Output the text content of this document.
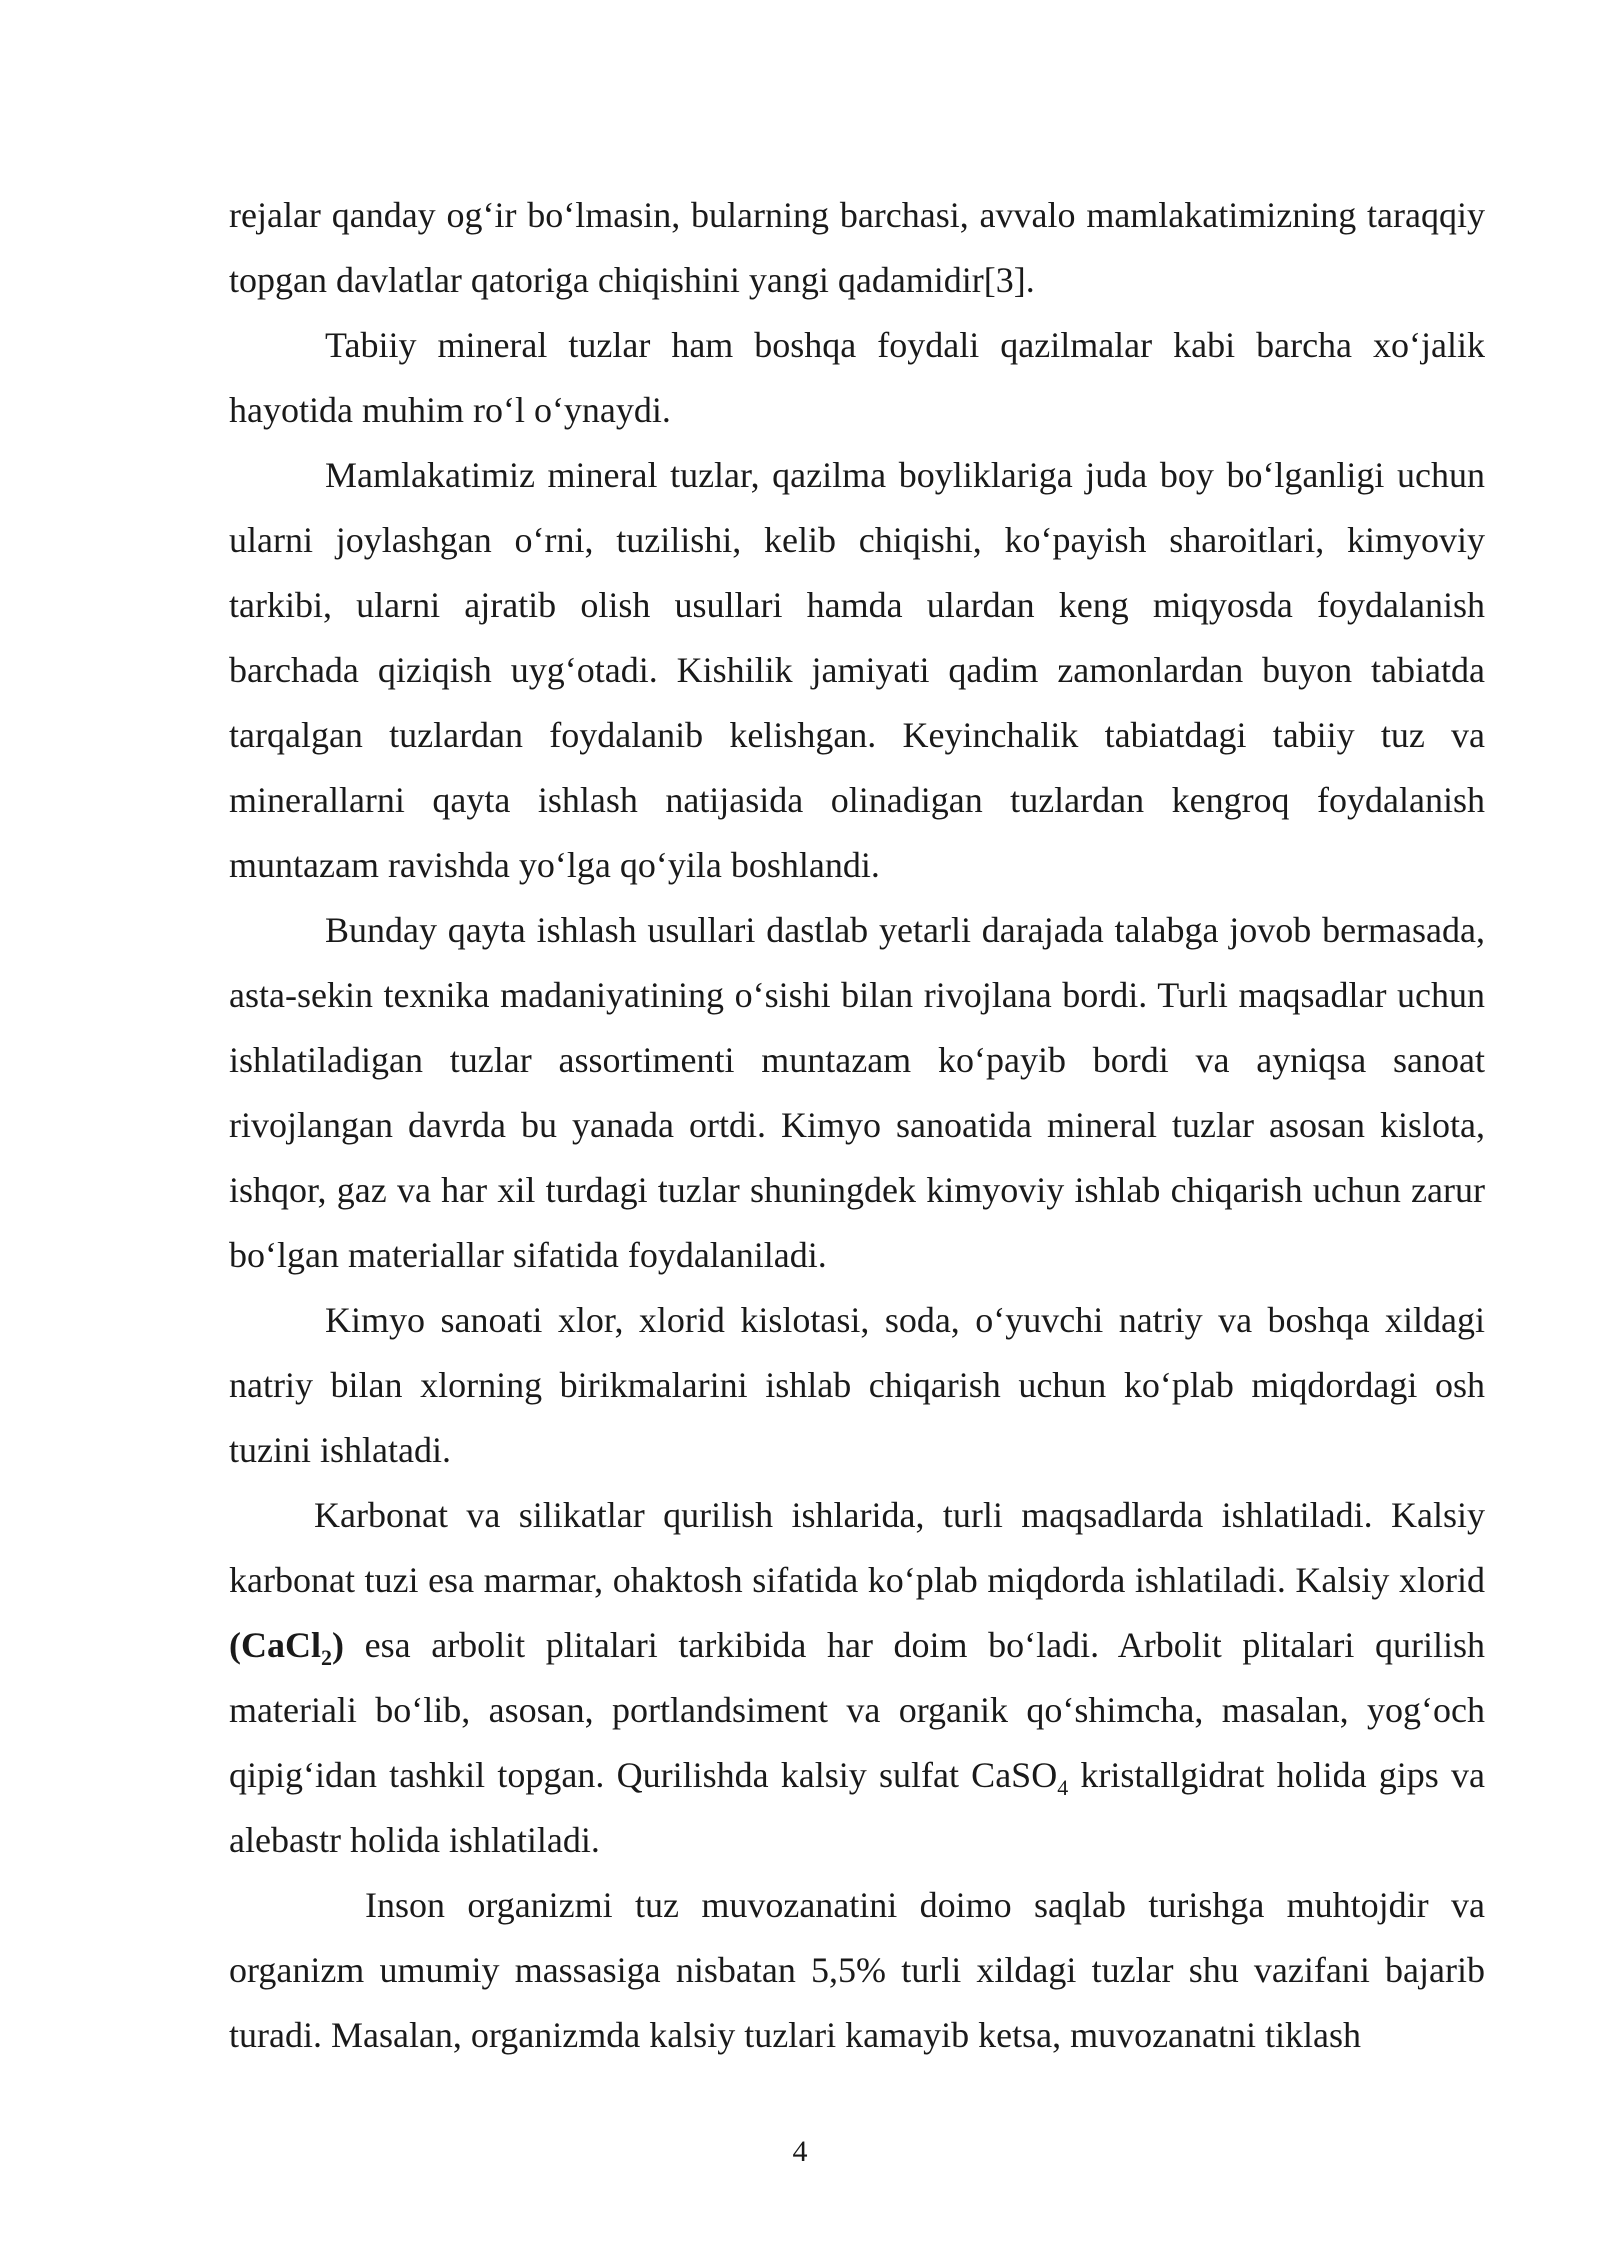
rejalar qanday og‘ir bo‘lmasin, bularning barchasi, avvalo mamlakatimizning taraqqiy topgan davlatlar qatoriga chiqishini yangi qadamidir[3].

Tabiiy mineral tuzlar ham boshqa foydali qazilmalar kabi barcha xo‘jalik hayotida muhim ro‘l o‘ynaydi.

Mamlakatimiz mineral tuzlar, qazilma boyliklariga juda boy bo‘lganligi uchun ularni joylashgan o‘rni, tuzilishi, kelib chiqishi, ko‘payish sharoitlari, kimyoviy tarkibi, ularni ajratib olish usullari hamda ulardan keng miqyosda foydalanish barchada qiziqish uyg‘otadi. Kishilik jamiyati qadim zamonlardan buyon tabiatda tarqalgan tuzlardan foydalanib kelishgan. Keyinchalik tabiatdagi tabiiy tuz va minerallarni qayta ishlash natijasida olinadigan tuzlardan kengroq foydalanish muntazam ravishda yo‘lga qo‘yila boshlandi.

Bunday qayta ishlash usullari dastlab yetarli darajada talabga jovob bermasada, asta-sekin texnika madaniyatining o‘sishi bilan rivojlana bordi. Turli maqsadlar uchun ishlatiladigan tuzlar assortimenti muntazam ko‘payib bordi va ayniqsa sanoat rivojlangan davrda bu yanada ortdi. Kimyo sanoatida mineral tuzlar asosan kislota, ishqor, gaz va har xil turdagi tuzlar shuningdek kimyoviy ishlab chiqarish uchun zarur bo‘lgan materiallar sifatida foydalaniladi.

Kimyo sanoati xlor, xlorid kislotasi, soda, o‘yuvchi natriy va boshqa xildagi natriy bilan xlorning birikmalarini ishlab chiqarish uchun ko‘plab miqdordagi osh tuzini ishlatadi.

Karbonat va silikatlar qurilish ishlarida, turli maqsadlarda ishlatiladi. Kalsiy karbonat tuzi esa marmar, ohaktosh sifatida ko‘plab miqdorda ishlatiladi. Kalsiy xlorid (CaCl$_2$) esa arbolit plitalari tarkibida har doim bo‘ladi. Arbolit plitalari qurilish materiali bo‘lib, asosan, portlandsiment va organik qo‘shimcha, masalan, yog‘och qipig‘idan tashkil topgan. Qurilishda kalsiy sulfat CaSO$_4$ kristallgidrat holida gips va alebastr holida ishlatiladi.

Inson organizmi tuz muvozanatini doimo saqlab turishga muhtojdir va organizm umumiy massasiga nisbatan 5,5% turli xildagi tuzlar shu vazifani bajarib turadi. Masalan, organizmda kalsiy tuzlari kamayib ketsa, muvozanatni tiklash

4
